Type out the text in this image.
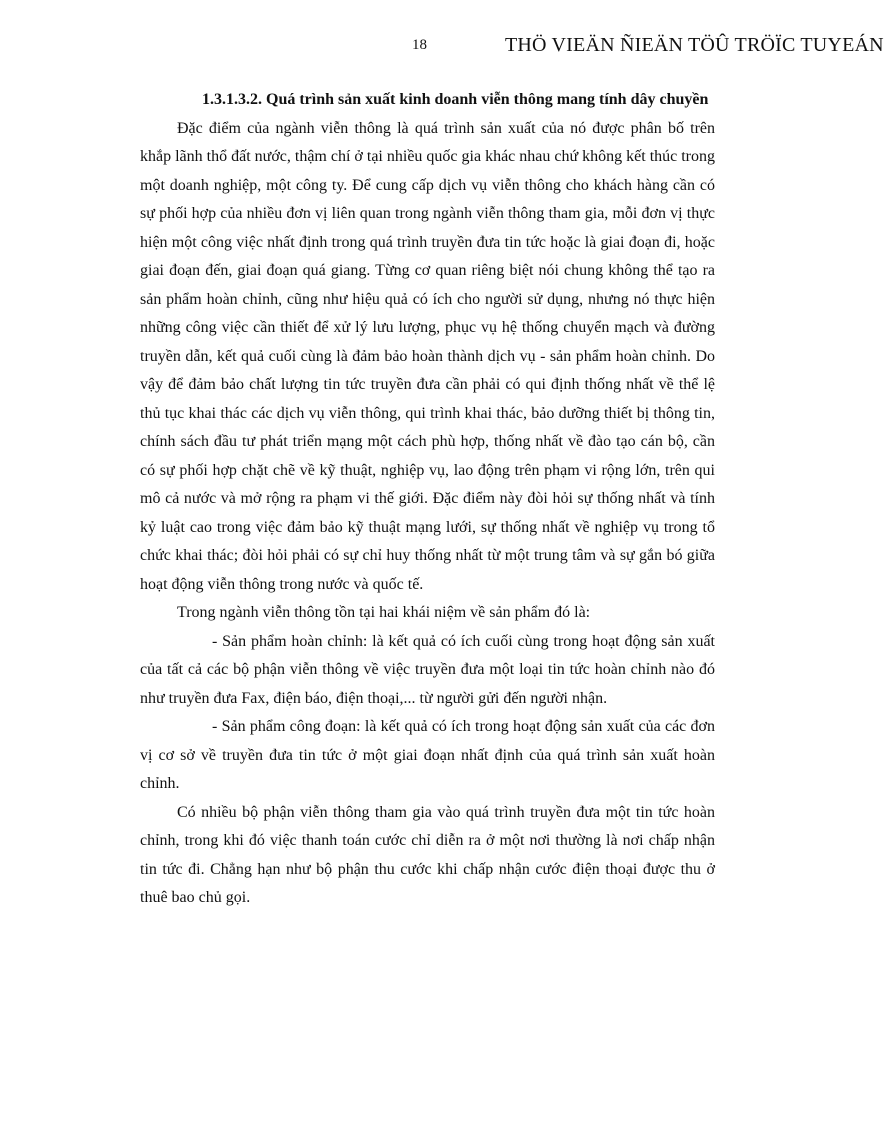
18	THÖ VIEÄN ÑIEÄN TÖÛ TRÖÏC TUYEÁN

1.3.1.3.2. Quá trình sản xuất kinh doanh viễn thông mang tính dây chuyền

Đặc điểm của ngành viễn thông là quá trình sản xuất của nó được phân bố trên khắp lãnh thổ đất nước, thậm chí ở tại nhiều quốc gia khác nhau chứ không kết thúc trong một doanh nghiệp, một công ty. Để cung cấp dịch vụ viễn thông cho khách hàng cần có sự phối hợp của nhiều đơn vị liên quan trong ngành viễn thông tham gia, mỗi đơn vị thực hiện một công việc nhất định trong quá trình truyền đưa tin tức hoặc là giai đoạn đi, hoặc giai đoạn đến, giai đoạn quá giang. Từng cơ quan riêng biệt nói chung không thể tạo ra sản phẩm hoàn chỉnh, cũng như hiệu quả có ích cho người sử dụng, nhưng nó thực hiện những công việc cần thiết để xử lý lưu lượng, phục vụ hệ thống chuyển mạch và đường truyền dẫn, kết quả cuối cùng là đảm bảo hoàn thành dịch vụ - sản phẩm hoàn chỉnh. Do vậy để đảm bảo chất lượng tin tức truyền đưa cần phải có qui định thống nhất về thể lệ thủ tục khai thác các dịch vụ viễn thông, qui trình khai thác, bảo dưỡng thiết bị thông tin, chính sách đầu tư phát triển mạng một cách phù hợp, thống nhất về đào tạo cán bộ, cần có sự phối hợp chặt chẽ về kỹ thuật, nghiệp vụ, lao động trên phạm vi rộng lớn, trên qui mô cả nước và mở rộng ra phạm vi thế giới. Đặc điểm này đòi hỏi sự thống nhất và tính kỷ luật cao trong việc đảm bảo kỹ thuật mạng lưới, sự thống nhất về nghiệp vụ trong tổ chức khai thác; đòi hỏi phải có sự chỉ huy thống nhất từ một trung tâm và sự gắn bó giữa hoạt động viễn thông trong nước và quốc tế.

Trong ngành viễn thông tồn tại hai khái niệm về sản phẩm đó là:

- Sản phẩm hoàn chỉnh: là kết quả có ích cuối cùng trong hoạt động sản xuất của tất cả các bộ phận viễn thông về việc truyền đưa một loại tin tức hoàn chỉnh nào đó như truyền đưa Fax, điện báo, điện thoại,... từ người gửi đến người nhận.

- Sản phẩm công đoạn: là kết quả có ích trong hoạt động sản xuất của các đơn vị cơ sở về truyền đưa tin tức ở một giai đoạn nhất định của quá trình sản xuất hoàn chỉnh.

Có nhiều bộ phận viễn thông tham gia vào quá trình truyền đưa một tin tức hoàn chỉnh, trong khi đó việc thanh toán cước chỉ diễn ra ở một nơi thường là nơi chấp nhận tin tức đi. Chẳng hạn như bộ phận thu cước khi chấp nhận cước điện thoại được thu ở thuê bao chủ gọi.
